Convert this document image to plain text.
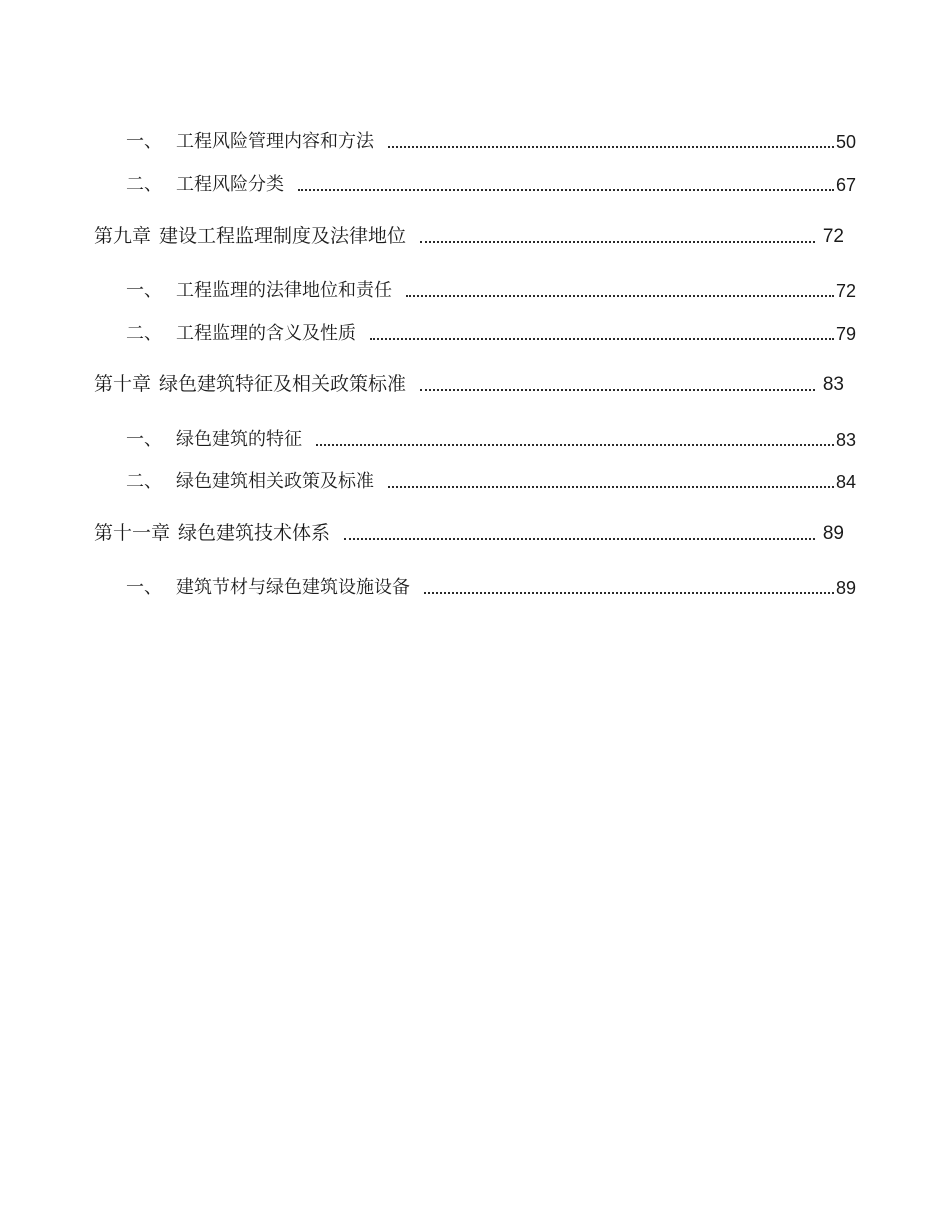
一、 工程风险管理内容和方法	50
二、 工程风险分类	67
第九章 建设工程监理制度及法律地位	72
一、 工程监理的法律地位和责任	72
二、 工程监理的含义及性质	79
第十章 绿色建筑特征及相关政策标准	83
一、 绿色建筑的特征	83
二、 绿色建筑相关政策及标准	84
第十一章 绿色建筑技术体系	89
一、 建筑节材与绿色建筑设施设备	89
